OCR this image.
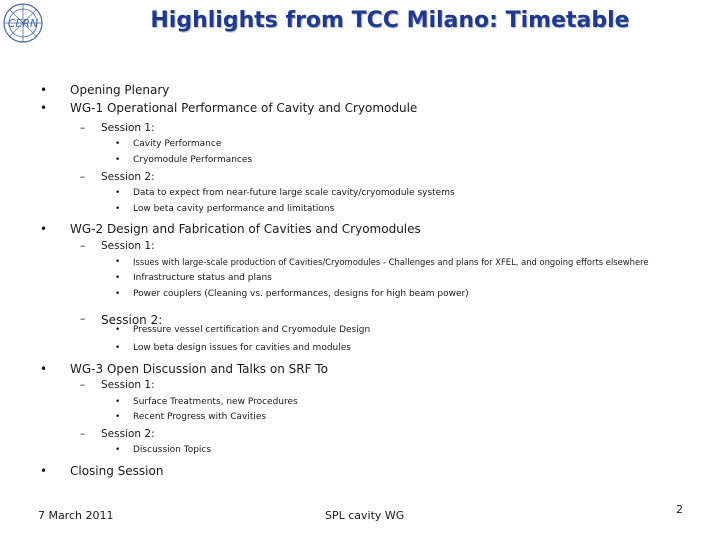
CERN	Highlights from TCC Milano: Timetable
• Opening Plenary
• WG-1 Operational Performance of Cavity and Cryomodule
– Session 1:
• Cavity Performance
• Cryomodule Performances
– Session 2:
• Data to expect from near-future large scale cavity/cryomodule systems
• Low beta cavity performance and limitations
• WG-2 Design and Fabrication of Cavities and Cryomodules
– Session 1:
• Issues with large-scale production of Cavities/Cryomodules - Challenges and plans for XFEL, and ongoing efforts elsewhere
• Infrastructure status and plans
• Power couplers (Cleaning vs. performances, designs for high beam power)
– Session 2:
• Pressure vessel certification and Cryomodule Design
• Low beta design issues for cavities and modules
• WG-3 Open Discussion and Talks on SRF To
– Session 1:
• Surface Treatments, new Procedures
• Recent Progress with Cavities
– Session 2:
• Discussion Topics
• Closing Session
7 March 2011	SPL cavity WG	2
